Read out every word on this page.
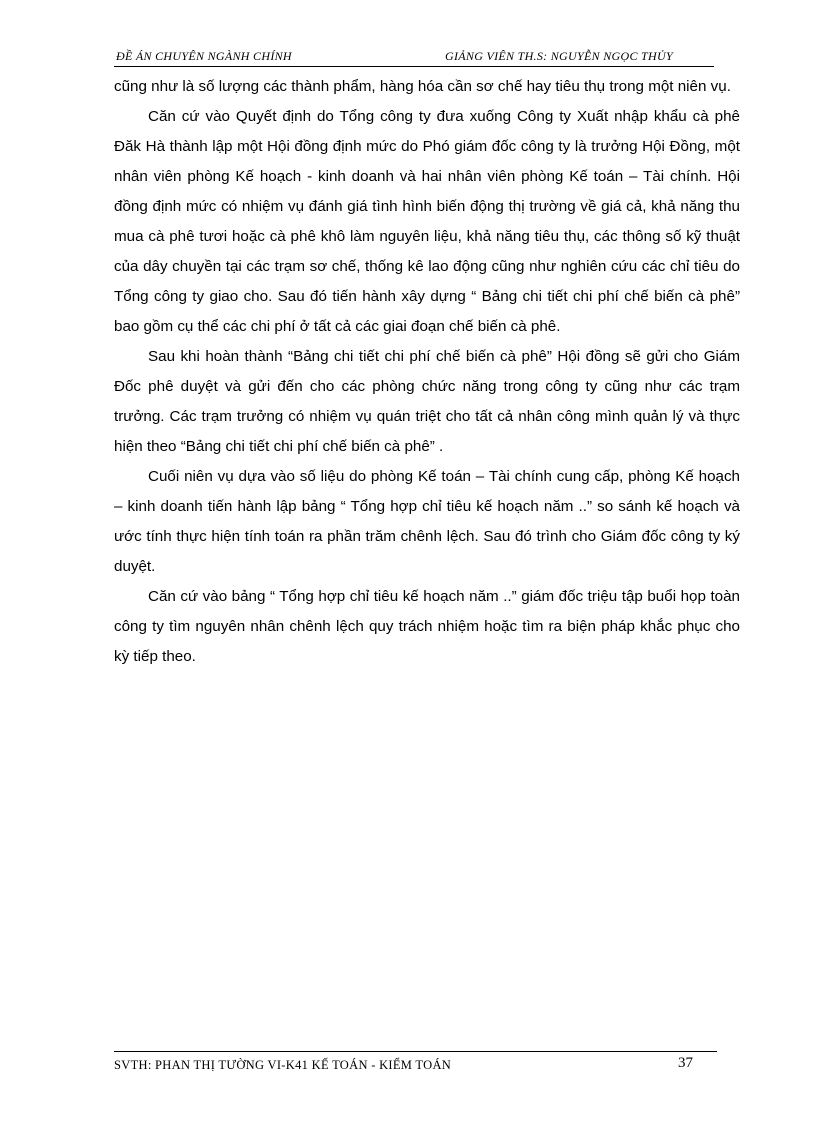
ĐỀ ÁN CHUYÊN NGÀNH CHÍNH	GIẢNG VIÊN TH.S: NGUYỄN NGỌC THỦY

cũng như là số lượng các thành phẩm, hàng hóa cần sơ chế hay tiêu thụ trong một niên vụ.

Căn cứ vào Quyết định do Tổng công ty đưa xuống Công ty Xuất nhập khẩu cà phê Đăk Hà thành lập một Hội đồng định mức do Phó giám đốc công ty là trưởng Hội Đồng, một nhân viên phòng Kế hoạch - kinh doanh và hai nhân viên phòng Kế toán – Tài chính. Hội đồng định mức có nhiệm vụ đánh giá tình hình biến động thị trường về giá cả, khả năng thu mua cà phê tươi hoặc cà phê khô làm nguyên liệu, khả năng tiêu thụ, các thông số kỹ thuật của dây chuyền tại các trạm sơ chế, thống kê lao động cũng như nghiên cứu các chỉ tiêu do Tổng công ty giao cho. Sau đó tiến hành xây dựng “ Bảng chi tiết chi phí chế biến cà phê” bao gồm cụ thể các chi phí ở tất cả các giai đoạn chế biến cà phê.

Sau khi hoàn thành “Bảng chi tiết chi phí chế biến cà phê” Hội đồng sẽ gửi cho Giám Đốc phê duyệt và gửi đến cho các phòng chức năng trong công ty cũng như các trạm trưởng. Các trạm trưởng có nhiệm vụ quán triệt cho tất cả nhân công mình quản lý và thực hiện theo “Bảng chi tiết chi phí chế biến cà phê” .

Cuối niên vụ dựa vào số liệu do phòng Kế toán – Tài chính cung cấp, phòng Kế hoạch – kinh doanh tiến hành lập bảng “ Tổng hợp chỉ tiêu kế hoạch năm ..” so sánh kế hoạch và ước tính thực hiện tính toán ra phần trăm chênh lệch. Sau đó trình cho Giám đốc công ty ký duyệt.

Căn cứ vào bảng “ Tổng hợp chỉ tiêu kế hoạch năm ..” giám đốc triệu tập buổi họp toàn công ty tìm nguyên nhân chênh lệch quy trách nhiệm hoặc tìm ra biện pháp khắc phục cho kỳ tiếp theo.

SVTH: PHAN THỊ TƯỜNG VI-K41 KẾ TOÁN - KIỂM TOÁN	37
